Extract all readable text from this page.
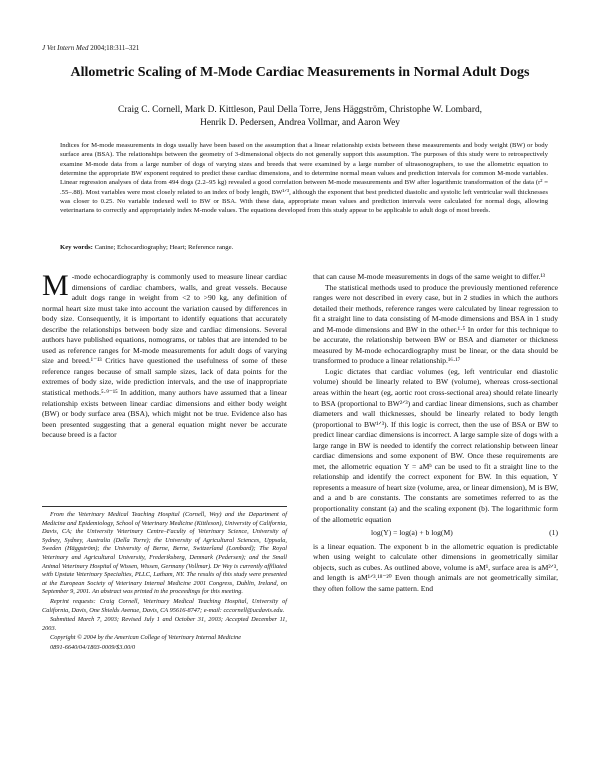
J Vet Intern Med 2004;18:311–321
Allometric Scaling of M-Mode Cardiac Measurements in Normal Adult Dogs
Craig C. Cornell, Mark D. Kittleson, Paul Della Torre, Jens Häggström, Christophe W. Lombard,
Henrik D. Pedersen, Andrea Vollmar, and Aaron Wey
Indices for M-mode measurements in dogs usually have been based on the assumption that a linear relationship exists between these measurements and body weight (BW) or body surface area (BSA). The relationships between the geometry of 3-dimensional objects do not generally support this assumption. The purposes of this study were to retrospectively examine M-mode data from a large number of dogs of varying sizes and breeds that were examined by a large number of ultrasonographers, to use the allometric equation to determine the appropriate BW exponent required to predict these cardiac dimensions, and to determine normal mean values and prediction intervals for common M-mode variables. Linear regression analyses of data from 494 dogs (2.2–95 kg) revealed a good correlation between M-mode measurements and BW after logarithmic transformation of the data (r² = .55–.88). Most variables were most closely related to an index of body length, BW¹ᐟ³, although the exponent that best predicted diastolic and systolic left ventricular wall thicknesses was closer to 0.25. No variable indexed well to BW or BSA. With these data, appropriate mean values and prediction intervals were calculated for normal dogs, allowing veterinarians to correctly and appropriately index M-mode values. The equations developed from this study appear to be applicable to adult dogs of most breeds.
Key words: Canine; Echocardiography; Heart; Reference range.

M -mode echocardiography is commonly used to measure linear cardiac dimensions of cardiac chambers, walls, and great vessels. Because adult dogs range in weight from <2 to >90 kg, any definition of normal heart size must take into account the variation caused by differences in body size. Consequently, it is important to identify equations that accurately describe the relationships between body size and cardiac dimensions. Several authors have published equations, nomograms, or tables that are intended to be used as reference ranges for M-mode measurements for adult dogs of varying size and breed.¹⁻¹³ Critics have questioned the usefulness of some of these reference ranges because of small sample sizes, lack of data points for the extremes of body size, wide prediction intervals, and the use of inappropriate statistical methods.⁵·⁹⁻¹⁵ In addition, many authors have assumed that a linear relationship exists between linear cardiac dimensions and either body weight (BW) or body surface area (BSA), which might not be true. Evidence also has been presented suggesting that a general equation might never be accurate because breed is a factor

From the Veterinary Medical Teaching Hospital (Cornell, Wey) and the Department of Medicine and Epidemiology, School of Veterinary Medicine (Kittleson), University of California, Davis, CA; the University Veterinary Centre–Faculty of Veterinary Science, University of Sydney, Sydney, Australia (Della Torre); the University of Agricultural Sciences, Uppsala, Sweden (Häggström); the University of Berne, Berne, Switzerland (Lombard); The Royal Veterinary and Agricultural University, Frederiksberg, Denmark (Pedersen); and the Small Animal Veterinary Hospital of Wissen, Wissen, Germany (Vollmar). Dr Wey is currently affiliated with Upstate Veterinary Specialties, PLLC, Latham, NY. The results of this study were presented at the European Society of Veterinary Internal Medicine 2001 Congress, Dublin, Ireland, on September 9, 2001. An abstract was printed in the proceedings for this meeting.

Reprint requests: Craig Cornell, Veterinary Medical Teaching Hospital, University of California, Davis, One Shields Avenue, Davis, CA 95616-8747; e-mail: cccornell@ucdavis.edu.

Submitted March 7, 2003; Revised July 1 and October 31, 2003; Accepted December 11, 2003.

Copyright © 2004 by the American College of Veterinary Internal Medicine

0891-6640/04/1803-0009/$3.00/0

that can cause M-mode measurements in dogs of the same weight to differ.¹³

The statistical methods used to produce the previously mentioned reference ranges were not described in every case, but in 2 studies in which the authors detailed their methods, reference ranges were calculated by linear regression to fit a straight line to data consisting of M-mode dimensions and BSA in 1 study and M-mode dimensions and BW in the other.¹·⁵ In order for this technique to be accurate, the relationship between BW or BSA and diameter or thickness measured by M-mode echocardiography must be linear, or the data should be transformed to produce a linear relationship.¹⁶·¹⁷

Logic dictates that cardiac volumes (eg, left ventricular end diastolic volume) should be linearly related to BW (volume), whereas cross-sectional areas within the heart (eg, aortic root cross-sectional area) should relate linearly to BSA (proportional to BW²ᐟ³) and cardiac linear dimensions, such as chamber diameters and wall thicknesses, should be linearly related to body length (proportional to BW¹ᐟ³). If this logic is correct, then the use of BSA or BW to predict linear cardiac dimensions is incorrect. A large sample size of dogs with a large range in BW is needed to identify the correct relationship between linear cardiac dimensions and some exponent of BW. Once these requirements are met, the allometric equation Y = aMᵇ can be used to fit a straight line to the relationship and identify the correct exponent for BW. In this equation, Y represents a measure of heart size (volume, area, or linear dimension), M is BW, and a and b are constants. The constants are sometimes referred to as the proportionality constant (a) and the scaling exponent (b). The logarithmic form of the allometric equation

log(Y) = log(a) + b log(M)	(1)

is a linear equation. The exponent b in the allometric equation is predictable when using weight to calculate other dimensions in geometrically similar objects, such as cubes. As outlined above, volume is aM¹, surface area is aM²ᐟ³, and length is aM¹ᐟ³.¹⁸⁻²⁰ Even though animals are not geometrically similar, they often follow the same pattern. End
